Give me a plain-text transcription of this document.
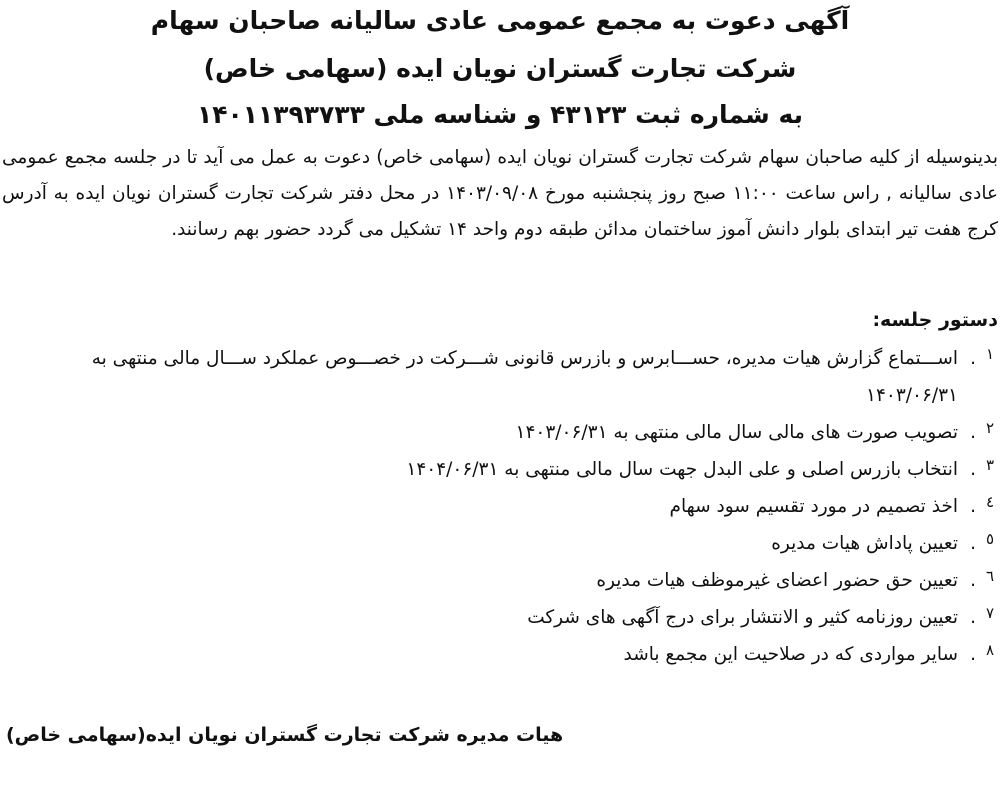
آگهی دعوت به مجمع عمومی عادی سالیانه صاحبان سهام
شرکت تجارت گستران نویان ایده (سهامی خاص)
به شماره ثبت ۴۳۱۲۳ و شناسه ملی ۱۴۰۱۱۳۹۳۷۳۳
بدینوسیله از کلیه صاحبان سهام شرکت تجارت گستران نویان ایده (سهامی خاص) دعوت به عمل می آید تا در جلسه مجمع عمومی عادی سالیانه , راس ساعت ۱۱:۰۰ صبح روز پنجشنبه مورخ ۱۴۰۳/۰۹/۰۸ در محل دفتر شرکت تجارت گستران نویان ایده به آدرس کرج هفت تیر ابتدای بلوار دانش آموز ساختمان مدائن طبقه دوم واحد ۱۴ تشکیل می گردد حضور بهم رسانند.
دستور جلسه:
۱
.
اســـتماع گزارش هیات مدیره، حســـابرس و بازرس قانونی شـــرکت در خصـــوص عملکرد ســـال مالی منتهی به ۱۴۰۳/۰۶/۳۱
۲
.
تصویب صورت های مالی سال مالی منتهی به ۱۴۰۳/۰۶/۳۱
۳
.
انتخاب بازرس اصلی و علی البدل جهت سال مالی منتهی به ۱۴۰۴/۰۶/۳۱
٤
.
اخذ تصمیم در مورد تقسیم سود سهام
٥
.
تعیین پاداش هیات مدیره
٦
.
تعیین حق حضور اعضای غیرموظف هیات مدیره
۷
.
تعیین روزنامه کثیر و الانتشار برای درج آگهی های شرکت
۸
.
سایر مواردی که در صلاحیت این مجمع باشد
هیات مدیره شرکت تجارت گستران نویان ایده(سهامی خاص)
